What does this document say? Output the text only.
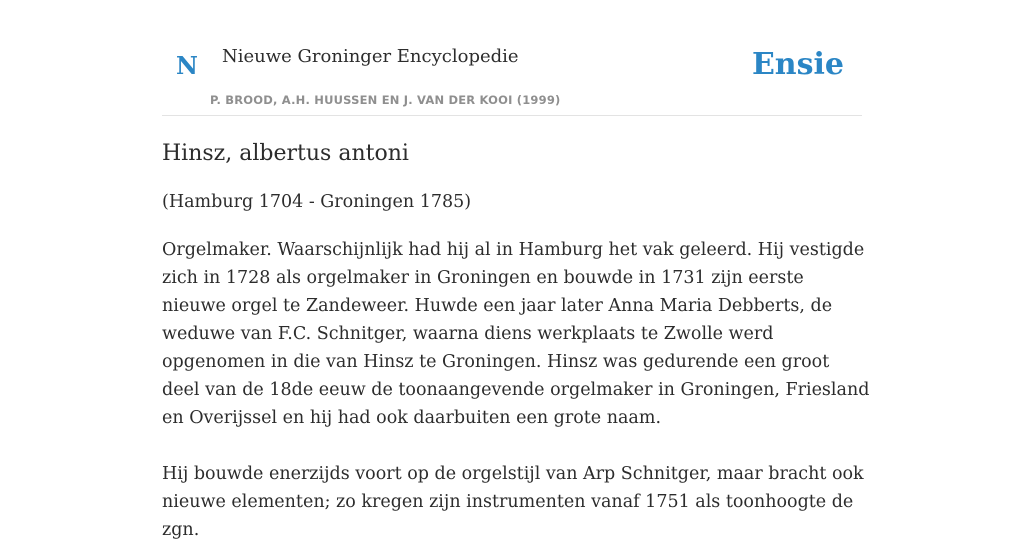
N Nieuwe Groninger Encyclopedie
P. BROOD, A.H. HUUSSEN EN J. VAN DER KOOI (1999)
Ensie
Hinsz, albertus antoni

(Hamburg 1704 - Groningen 1785)

Orgelmaker. Waarschijnlijk had hij al in Hamburg het vak geleerd. Hij vestigde zich in 1728 als orgelmaker in Groningen en bouwde in 1731 zijn eerste nieuwe orgel te Zandeweer. Huwde een jaar later Anna Maria Debberts, de weduwe van F.C. Schnitger, waarna diens werkplaats te Zwolle werd opgenomen in die van Hinsz te Groningen. Hinsz was gedurende een groot deel van de 18de eeuw de toonaangevende orgelmaker in Groningen, Friesland en Overijssel en hij had ook daarbuiten een grote naam.

Hij bouwde enerzijds voort op de orgelstijl van Arp Schnitger, maar bracht ook nieuwe elementen; zo kregen zijn instrumenten vanaf 1751 als toonhoogte de zgn.
